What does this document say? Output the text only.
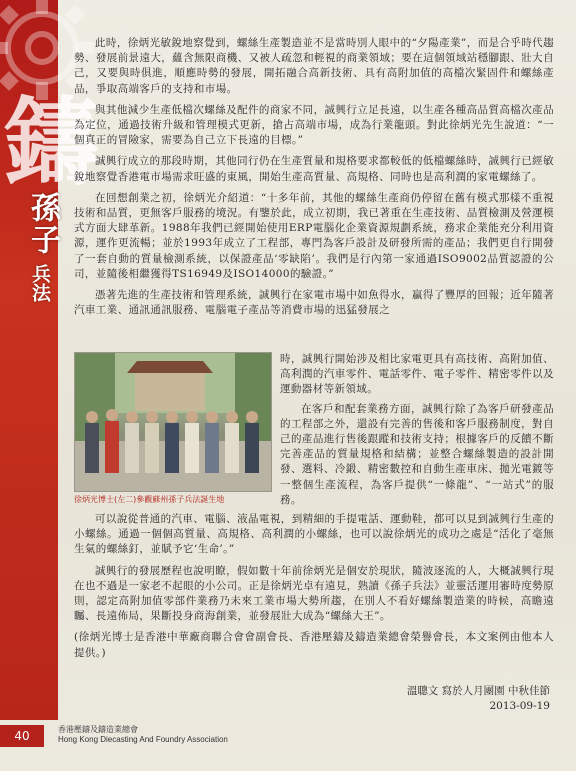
鑄
孫子
兵法

此時，徐炳光敏銳地察覺到，螺絲生產製造並不是當時別人眼中的“夕陽產業”，而是合乎時代趨勢、發展前景遠大，蘊含無限商機、又被人疏忽和輕視的商業領域；要在這個領域站穩腳跟、壯大自己，又要與時俱進，順應時勢的發展，開拓融合高新技術、具有高附加值的高檔次緊固件和螺絲產品，爭取高端客戶的支持和市場。

與其他減少生產低檔次螺絲及配件的商家不同，誠興行立足長遠，以生產各種高品質高檔次產品為定位，通過技術升級和管理模式更新，搶占高端市場，成為行業龍頭。對此徐炳光先生說道：“一個真正的冒險家，需要為自己立下長遠的目標。”

誠興行成立的那段時期，其他同行仍在生產質量和規格要求都較低的低檔螺絲時，誠興行已經敏銳地察覺香港電市場需求旺盛的東風，開始生產高質量、高規格、同時也是高利潤的家電螺絲了。

在回想創業之初，徐炳光介紹道：“十多年前，其他的螺絲生產商仍停留在舊有模式那樣不重視技術和品質，更無客戶服務的境況。有鑒於此，成立初期，我已著重在生產技術、品質檢測及營運模式方面大肆革新。1988年我們已經開始使用ERP電腦化企業資源規劃系統，務求企業能充分利用資源，運作更流暢；並於1993年成立了工程部，專門為客戶設計及研發所需的產品；我們更自行開發了一套自動的質量檢測系統，以保證產品‘零缺陷’。我們是行內第一家通過ISO9002品質認證的公司，並隨後相繼獲得TS16949及ISO14000的驗證。”

憑著先進的生產技術和管理系統，誠興行在家電市場中如魚得水，贏得了豐厚的回報；近年隨著汽車工業、通訊通訊服務、電腦電子產品等消費市場的迅猛發展之

徐炳光博士(左二)參觀蘇州孫子兵法誕生地

時，誠興行開始涉及相比家電更具有高技術、高附加值、高利潤的汽車零件、電話零件、電子零件、精密零件以及運動器材等新領域。

在客戶和配套業務方面，誠興行除了為客戶研發產品的工程部之外，還設有完善的售後和客戶服務制度，對自己的產品進行售後跟蹤和技術支持；根據客戶的反饋不斷完善產品的質量規格和結構；並整合螺絲製造的設計開發、選料、冷鍛、精密數控和自動生產車床、拋光電鍍等一整個生產流程，為客戶提供“一條龍”、“一站式”的服務。

可以說從普通的汽車、電腦、液晶電視，到精細的手提電話、運動鞋，都可以見到誠興行生產的小螺絲。通過一個個高質量、高規格、高利潤的小螺絲，也可以說徐炳光的成功之處是“活化了毫無生氣的螺絲釘，並賦予它‘生命’。”

誠興行的發展歷程也說明瞭，假如數十年前徐炳光是個安於現狀，隨波逐流的人，大概誠興行現在也不過是一家老不起眼的小公司。正是徐炳光卓有遠見，熟讀《孫子兵法》並靈活運用審時度勢原則，認定高附加值零部件業務乃未來工業市場大勢所趨，在別人不看好螺絲製造業的時候，高瞻遠矚、長遠佈局，果斷投身商海創業，並發展壯大成為“螺絲大王”。

(徐炳光博士是香港中華廠商聯合會會副會長、香港壓鑄及鑄造業總會榮譽會長，本文案例由他本人提供。)

溫聰文 寫於人月團園 中秋佳節
2013-09-19
40	香港壓鑄及鑄造業總會
Hong Kong Diecasting And Foundry Association
